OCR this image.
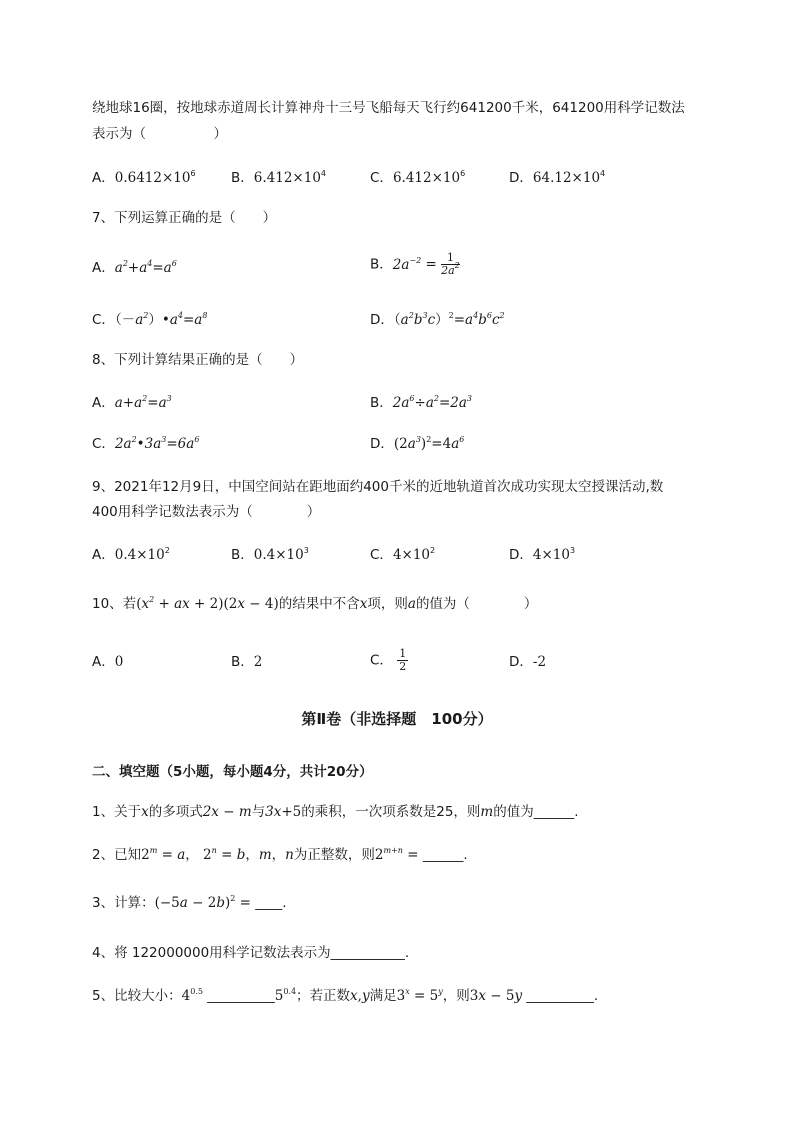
绕地球16圈，按地球赤道周长计算神舟十三号飞船每天飞行约641200千米，641200用科学记数法
表示为（　　　　　）
A．$0.6412\times 10^6$	B．$6.412\times 10^4$	C．$6.412\times 10^6$	D．$64.12\times 10^4$
7、下列运算正确的是（　　）
A．$a^2+a^4=a^6$	B．$2a^{-2} = \frac{1}{2a^2}$
C．$(-a^2)•a^4=a^8$	D．$(a^2b^3c)^2=a^4b^6c^2$
8、下列计算结果正确的是（　　）
A．$a+a^2=a^3$	B．$2a^6\div a^2=2a^3$
C．$2a^2•3a^3=6a^6$	D．$(2a^3)^2=4a^6$
9、2021年12月9日，中国空间站在距地面约400千米的近地轨道首次成功实现太空授课活动,数
400用科学记数法表示为（　　　　）
A．$0.4\times 10^2$	B．$0.4\times 10^3$	C．$4\times 10^2$	D．$4\times 10^3$
10、若($x^2$ + ax + 2)(2x − 4)的结果中不含x项，则a的值为（　　　　）
A．0	B．2	C． $\frac{1}{2}$	D．-2
第Ⅱ卷（非选择题　100分）
二、填空题（5小题，每小题4分，共计20分）
1、关于x的多项式2x − m与3x+5的乘积，一次项系数是25，则m的值为______.
2、已知$2^m = a$， $2^n = b$，m，n为正整数，则$2^{m+n}$ = ______.
3、计算：$(-5a - 2b)^2$ = ____.
4、将 122000000用科学记数法表示为___________.
5、比较大小：$4^{0.5}$ $\_\_\_\_\_\_\_\_\_\_5^{0.4}$；若正数x,y满足$3^x = 5^y$，则3x − 5y __________.
